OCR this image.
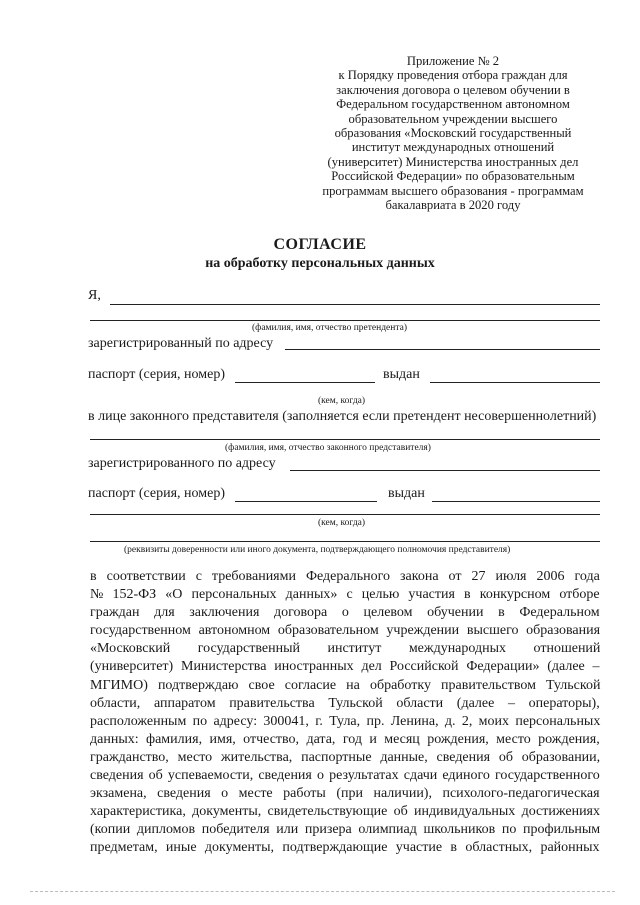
Приложение № 2
к Порядку проведения отбора граждан для
заключения договора о целевом обучении в
Федеральном государственном автономном
образовательном учреждении высшего
образования «Московский государственный
институт международных отношений
(университет) Министерства иностранных дел
Российской Федерации» по образовательным
программам высшего образования - программам
бакалавриата в 2020 году
СОГЛАСИЕ
на обработку персональных данных
Я,
(фамилия, имя, отчество претендента)
зарегистрированный по адресу
паспорт (серия, номер)	выдан
(кем, когда)
в лице законного представителя (заполняется если претендент несовершеннолетний)
(фамилия, имя, отчество законного представителя)
зарегистрированного по адресу
паспорт (серия, номер)	выдан
(кем, когда)
(реквизиты доверенности или иного документа, подтверждающего полномочия представителя)
в соответствии с требованиями Федерального закона от 27 июля 2006 года
№ 152-ФЗ «О персональных данных» с целью участия в конкурсном отборе
граждан для заключения договора о целевом обучении в Федеральном
государственном автономном образовательном учреждении высшего образования
«Московский государственный институт международных отношений
(университет) Министерства иностранных дел Российской Федерации» (далее –
МГИМО) подтверждаю свое согласие на обработку правительством Тульской
области, аппаратом правительства Тульской области (далее – операторы),
расположенным по адресу: 300041, г. Тула, пр. Ленина, д. 2, моих персональных
данных: фамилия, имя, отчество, дата, год и месяц рождения, место рождения,
гражданство, место жительства, паспортные данные, сведения об образовании,
сведения об успеваемости, сведения о результатах сдачи единого государственного
экзамена, сведения о месте работы (при наличии), психолого-педагогическая
характеристика, документы, свидетельствующие об индивидуальных достижениях
(копии дипломов победителя или призера олимпиад школьников по профильным
предметам, иные документы, подтверждающие участие в областных, районных
